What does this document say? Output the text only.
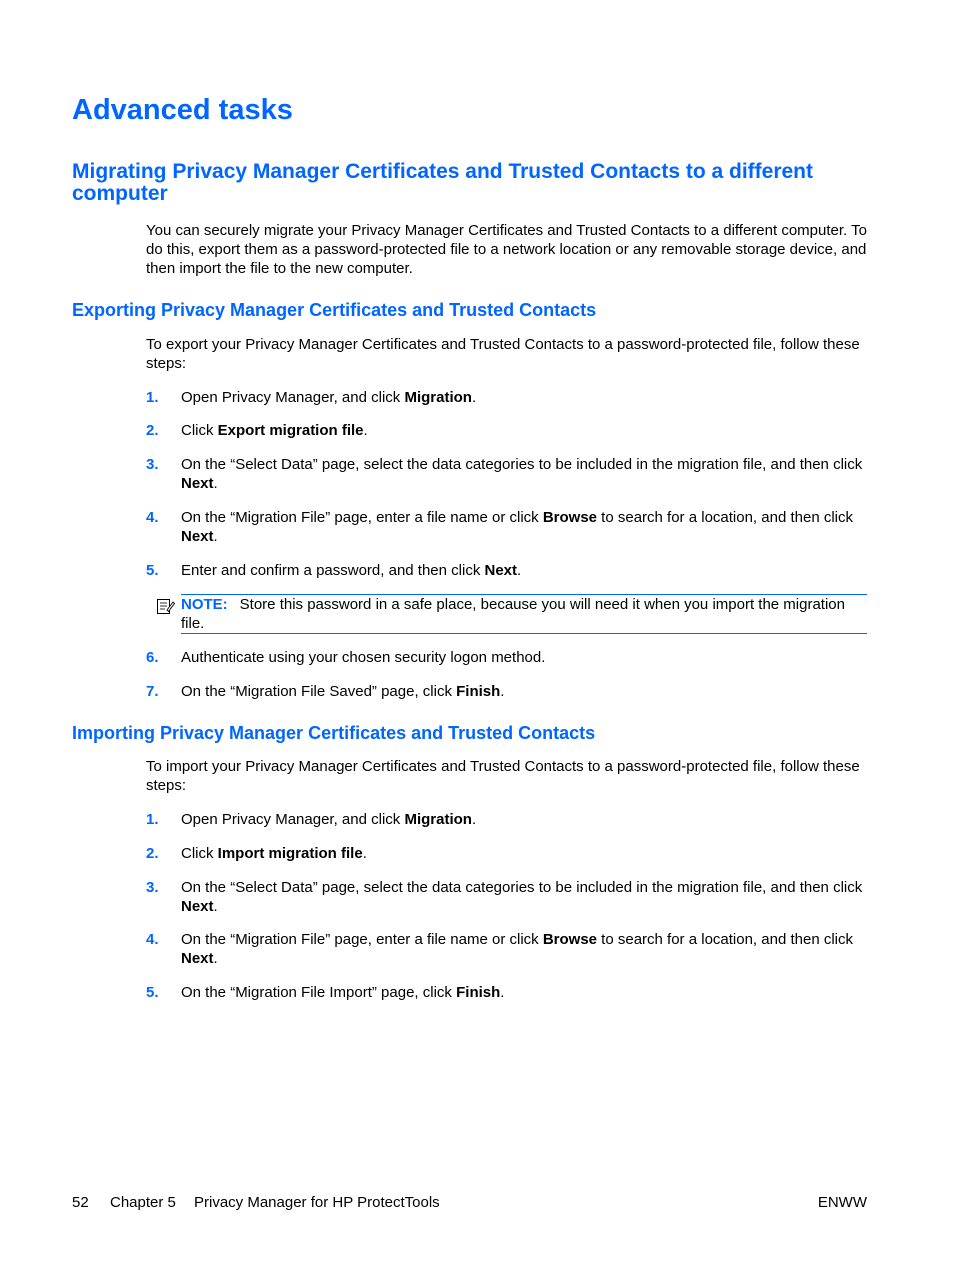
Advanced tasks
Migrating Privacy Manager Certificates and Trusted Contacts to a different computer

You can securely migrate your Privacy Manager Certificates and Trusted Contacts to a different computer. To do this, export them as a password-protected file to a network location or any removable storage device, and then import the file to the new computer.

Exporting Privacy Manager Certificates and Trusted Contacts

To export your Privacy Manager Certificates and Trusted Contacts to a password-protected file, follow these steps:

1. Open Privacy Manager, and click Migration.
2. Click Export migration file.
3. On the “Select Data” page, select the data categories to be included in the migration file, and then click Next.
4. On the “Migration File” page, enter a file name or click Browse to search for a location, and then click Next.
5. Enter and confirm a password, and then click Next.
NOTE: Store this password in a safe place, because you will need it when you import the migration file.
6. Authenticate using your chosen security logon method.
7. On the “Migration File Saved” page, click Finish.
Importing Privacy Manager Certificates and Trusted Contacts

To import your Privacy Manager Certificates and Trusted Contacts to a password-protected file, follow these steps:

1. Open Privacy Manager, and click Migration.
2. Click Import migration file.
3. On the “Select Data” page, select the data categories to be included in the migration file, and then click Next.
4. On the “Migration File” page, enter a file name or click Browse to search for a location, and then click Next.
5. On the “Migration File Import” page, click Finish.
52 Chapter 5 Privacy Manager for HP ProtectTools	ENWW
